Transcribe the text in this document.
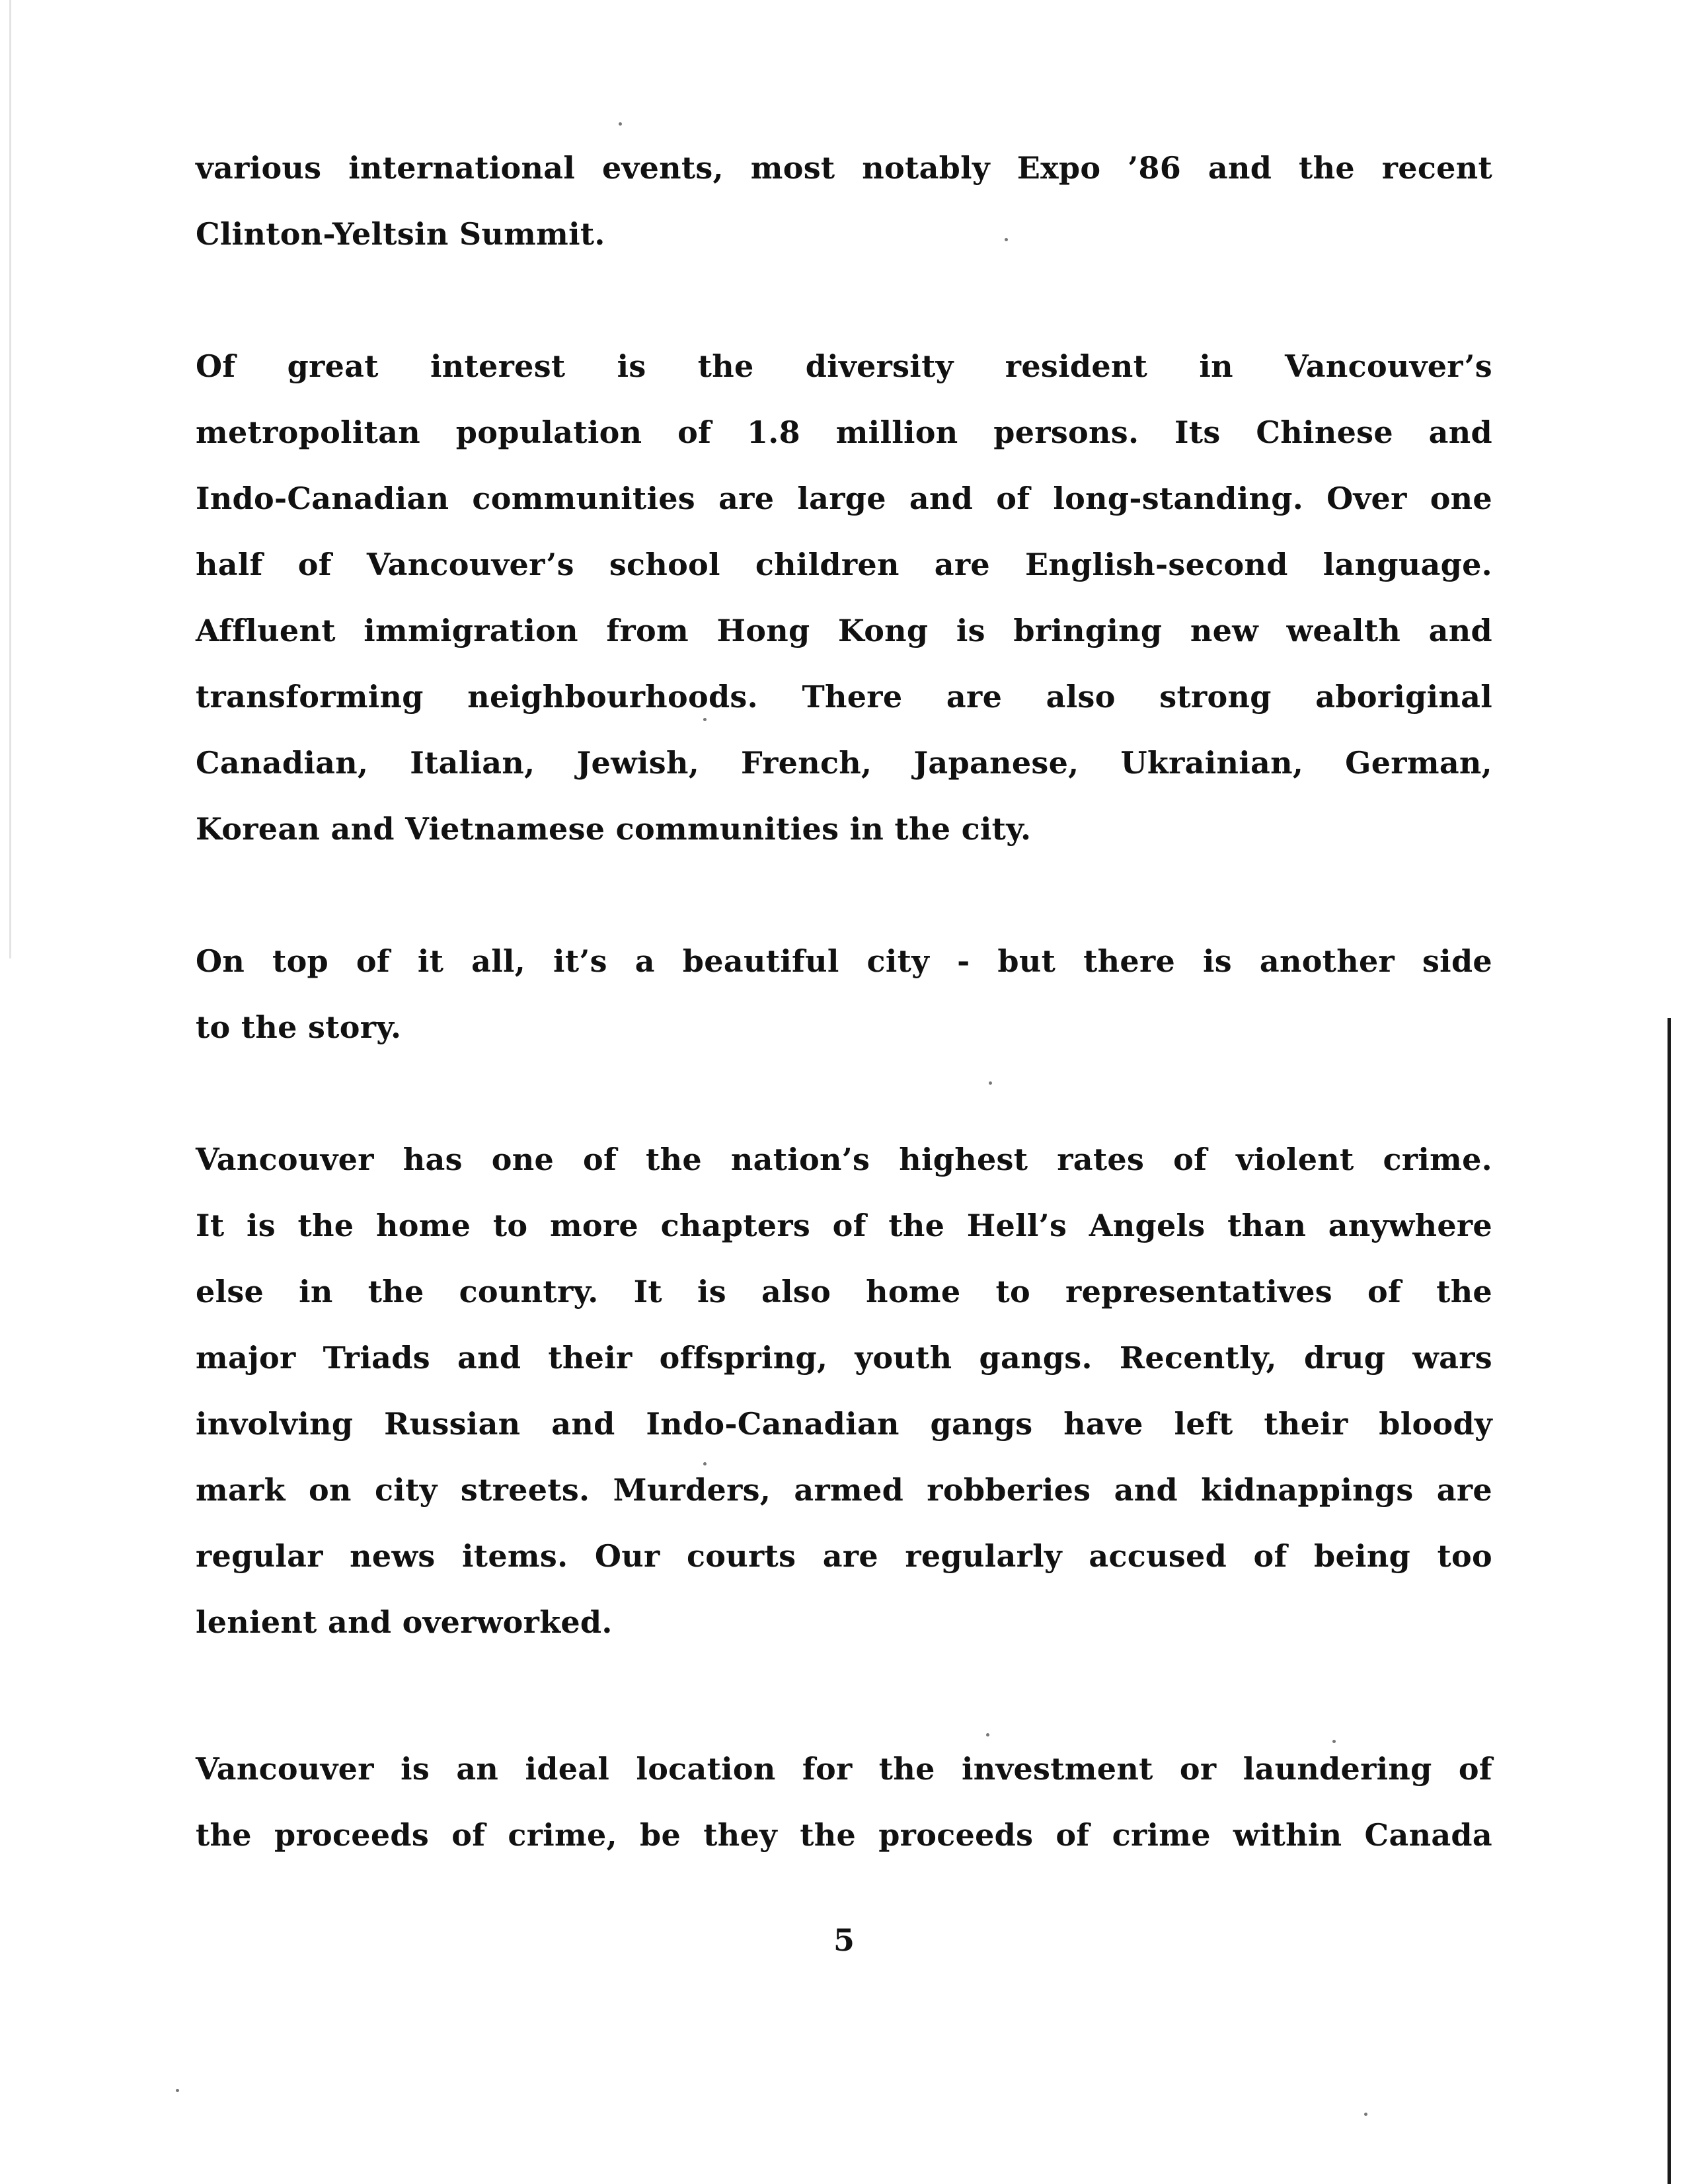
various international events, most notably Expo ’86 and the recent
Clinton-Yeltsin Summit.
Of great interest is the diversity resident in Vancouver’s
metropolitan population of 1.8 million persons. Its Chinese and
Indo-Canadian communities are large and of long-standing. Over one
half of Vancouver’s school children are English-second language.
Affluent immigration from Hong Kong is bringing new wealth and
transforming neighbourhoods. There are also strong aboriginal
Canadian, Italian, Jewish, French, Japanese, Ukrainian, German,
Korean and Vietnamese communities in the city.
On top of it all, it’s a beautiful city - but there is another side
to the story.
Vancouver has one of the nation’s highest rates of violent crime.
It is the home to more chapters of the Hell’s Angels than anywhere
else in the country. It is also home to representatives of the
major Triads and their offspring, youth gangs. Recently, drug wars
involving Russian and Indo-Canadian gangs have left their bloody
mark on city streets. Murders, armed robberies and kidnappings are
regular news items. Our courts are regularly accused of being too
lenient and overworked.
Vancouver is an ideal location for the investment or laundering of
the proceeds of crime, be they the proceeds of crime within Canada
5
